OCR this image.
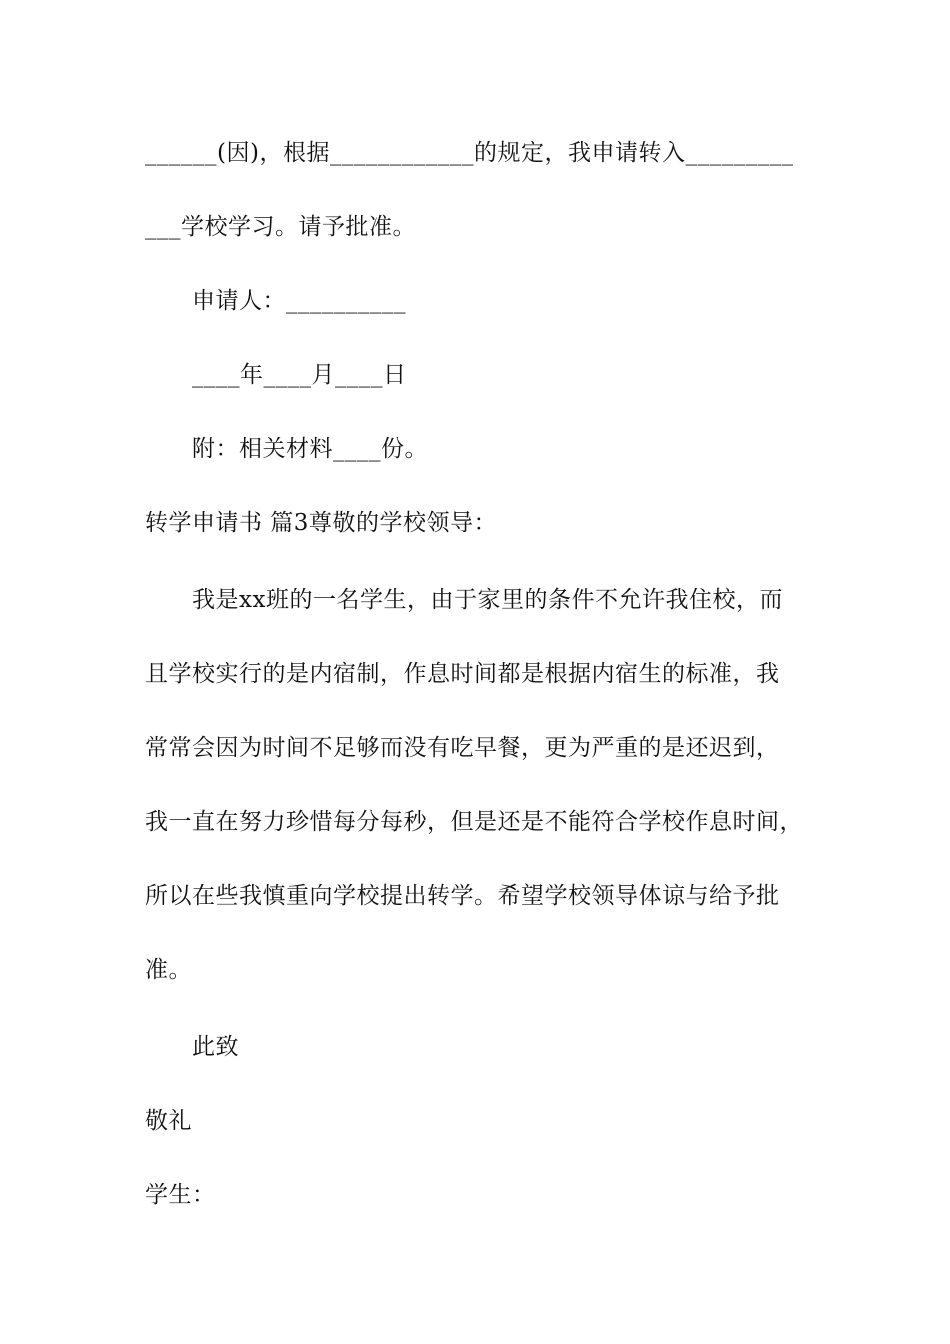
______(因)，根据____________的规定，我申请转入_________
___学校学习。请予批准。
申请人：__________
____年____月____日
附：相关材料____份。
转学申请书 篇3尊敬的学校领导：
我是xx班的一名学生，由于家里的条件不允许我住校，而
且学校实行的是内宿制，作息时间都是根据内宿生的标准，我
常常会因为时间不足够而没有吃早餐，更为严重的是还迟到，
我一直在努力珍惜每分每秒，但是还是不能符合学校作息时间，
所以在些我慎重向学校提出转学。希望学校领导体谅与给予批
准。
此致
敬礼
学生：
